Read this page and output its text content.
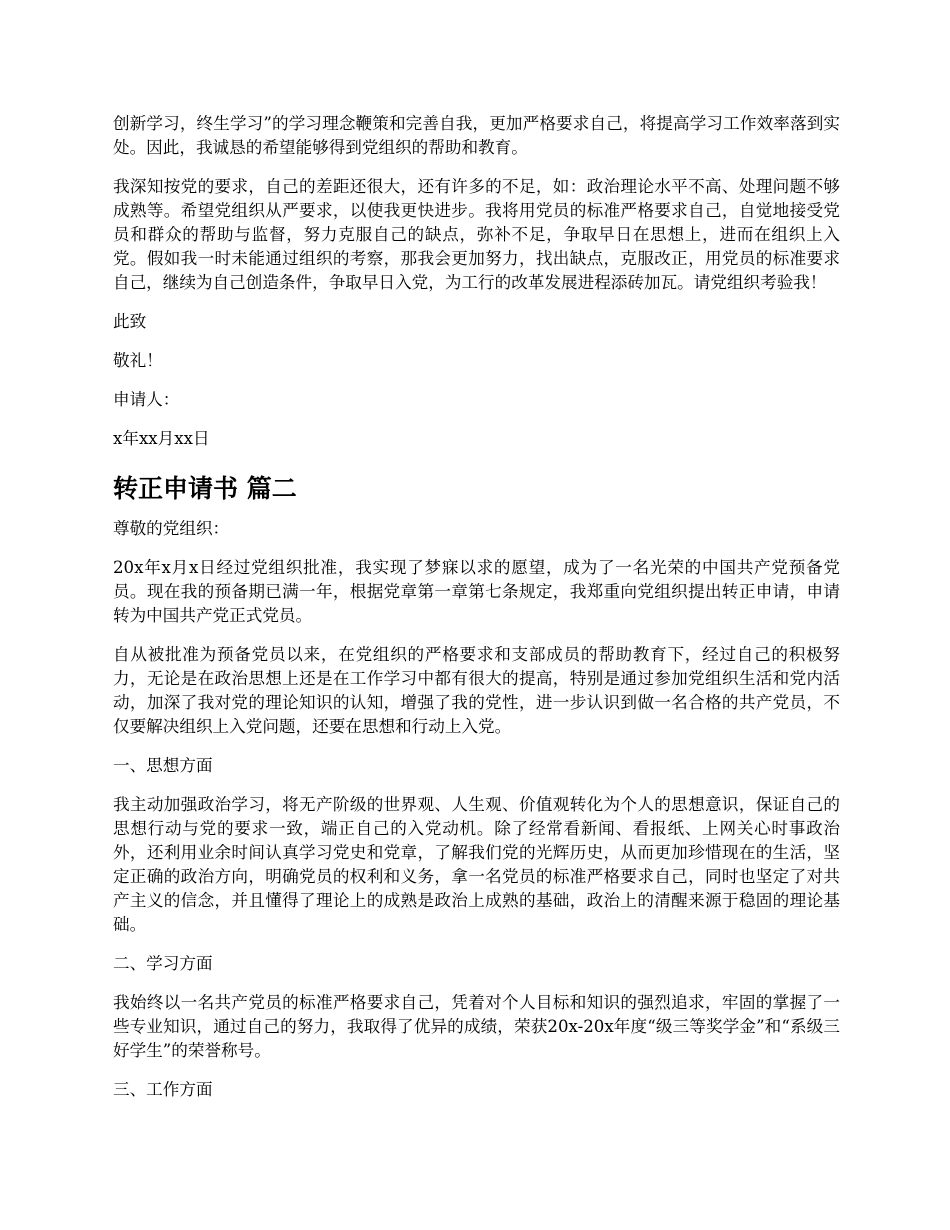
创新学习，终生学习”的学习理念鞭策和完善自我，更加严格要求自己，将提高学习工作效率落到实处。因此，我诚恳的希望能够得到党组织的帮助和教育。

我深知按党的要求，自己的差距还很大，还有许多的不足，如：政治理论水平不高、处理问题不够成熟等。希望党组织从严要求，以使我更快进步。我将用党员的标准严格要求自己，自觉地接受党员和群众的帮助与监督，努力克服自己的缺点，弥补不足，争取早日在思想上，进而在组织上入党。假如我一时未能通过组织的考察，那我会更加努力，找出缺点，克服改正，用党员的标准要求自己，继续为自己创造条件，争取早日入党，为工行的改革发展进程添砖加瓦。请党组织考验我！

此致

敬礼！

申请人：

x年xx月xx日

转正申请书 篇二

尊敬的党组织：

20x年x月x日经过党组织批准，我实现了梦寐以求的愿望，成为了一名光荣的中国共产党预备党员。现在我的预备期已满一年，根据党章第一章第七条规定，我郑重向党组织提出转正申请，申请转为中国共产党正式党员。

自从被批准为预备党员以来，在党组织的严格要求和支部成员的帮助教育下，经过自己的积极努力，无论是在政治思想上还是在工作学习中都有很大的提高，特别是通过参加党组织生活和党内活动，加深了我对党的理论知识的认知，增强了我的党性，进一步认识到做一名合格的共产党员，不仅要解决组织上入党问题，还要在思想和行动上入党。

一、思想方面

我主动加强政治学习，将无产阶级的世界观、人生观、价值观转化为个人的思想意识，保证自己的思想行动与党的要求一致，端正自己的入党动机。除了经常看新闻、看报纸、上网关心时事政治外，还利用业余时间认真学习党史和党章，了解我们党的光辉历史，从而更加珍惜现在的生活，坚定正确的政治方向，明确党员的权利和义务，拿一名党员的标准严格要求自己，同时也坚定了对共产主义的信念，并且懂得了理论上的成熟是政治上成熟的基础，政治上的清醒来源于稳固的理论基础。

二、学习方面

我始终以一名共产党员的标准严格要求自己，凭着对个人目标和知识的强烈追求，牢固的掌握了一些专业知识，通过自己的努力，我取得了优异的成绩，荣获20x-20x年度“级三等奖学金”和“系级三好学生”的荣誉称号。

三、工作方面
